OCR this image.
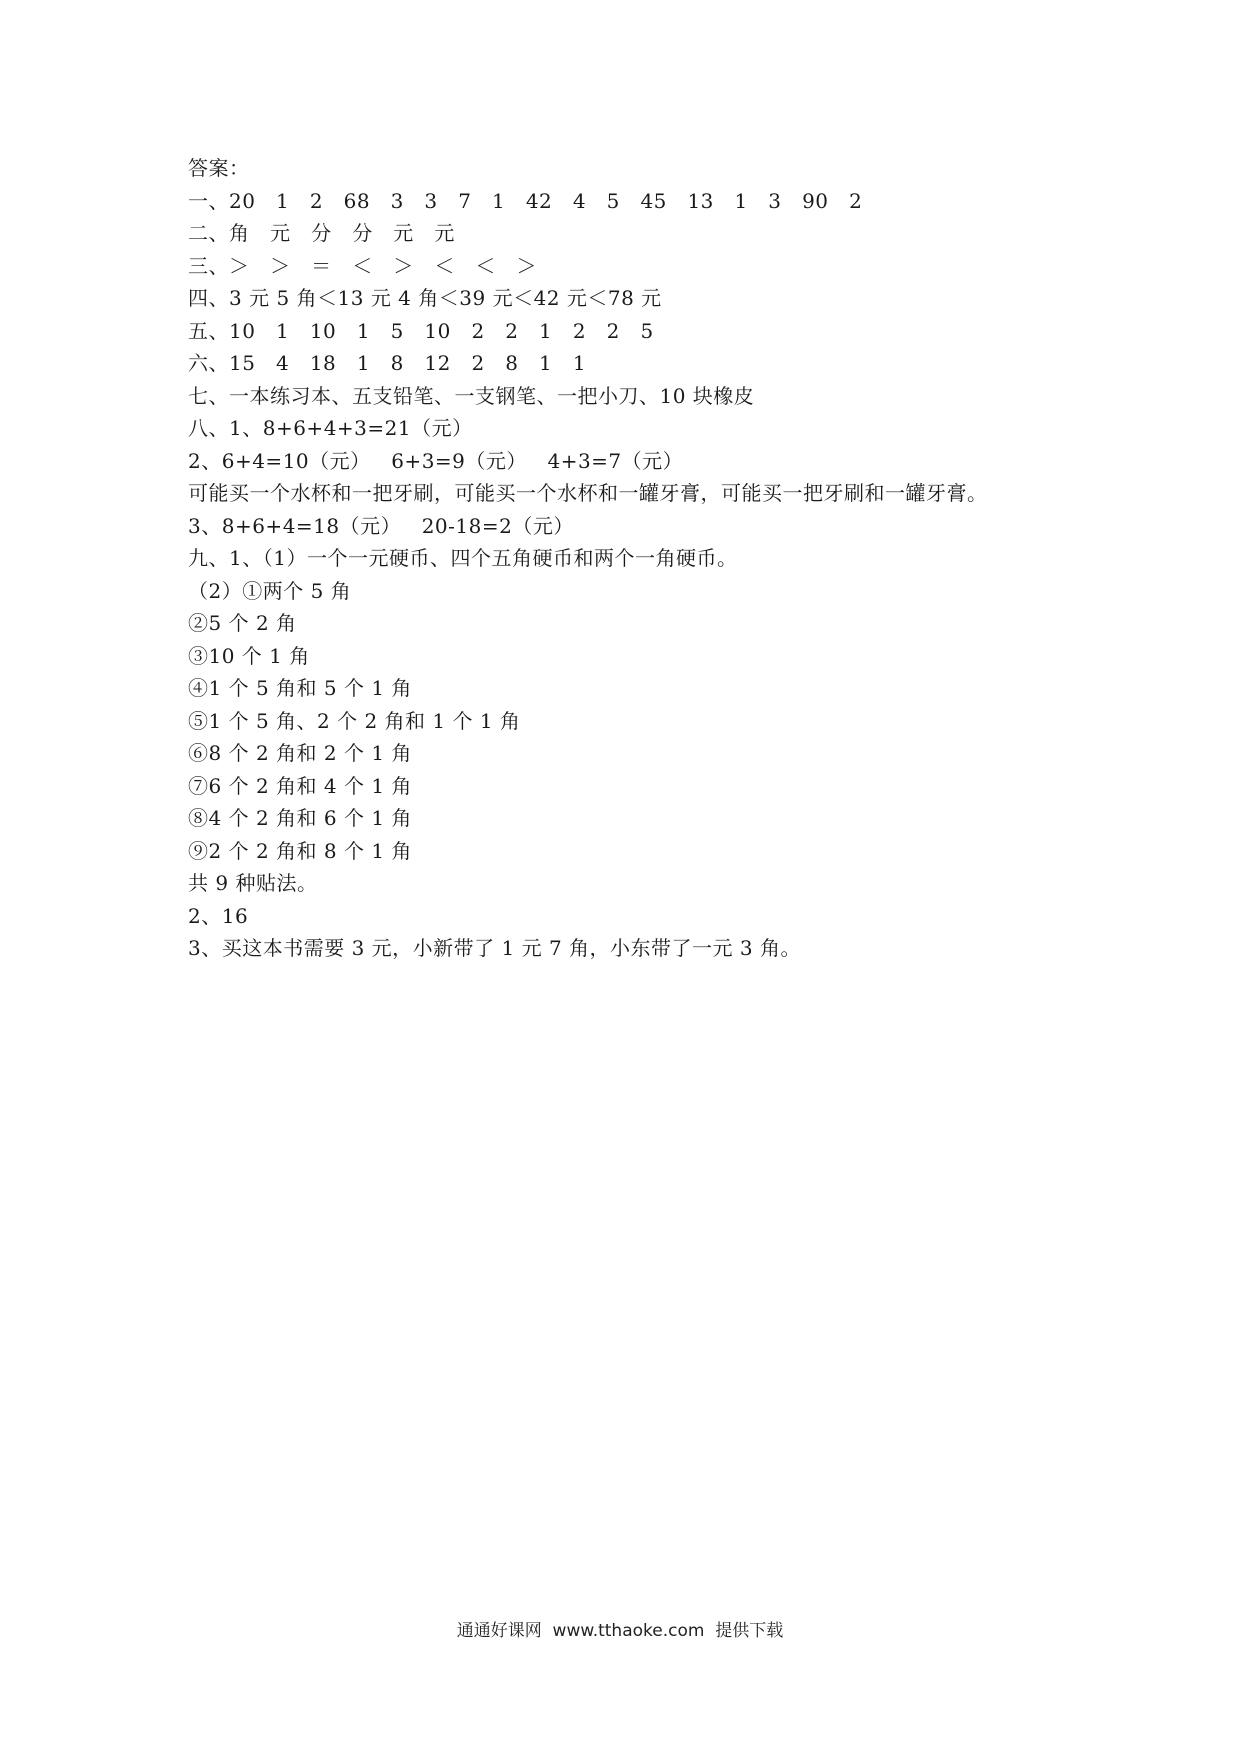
答案：
一、20   1   2   68   3   3   7   1   42   4   5   45   13   1   3   90   2
二、角   元   分   分   元   元
三、＞   ＞   ＝   ＜   ＞   ＜   ＜   ＞
四、3 元 5 角＜13 元 4 角＜39 元＜42 元＜78 元
五、10   1   10   1   5   10   2   2   1   2   2   5
六、15   4   18   1   8   12   2   8   1   1
七、一本练习本、五支铅笔、一支钢笔、一把小刀、10 块橡皮
八、1、8+6+4+3=21（元）
2、6+4=10（元）   6+3=9（元）   4+3=7（元）
可能买一个水杯和一把牙刷，可能买一个水杯和一罐牙膏，可能买一把牙刷和一罐牙膏。
3、8+6+4=18（元）   20-18=2（元）
九、1、（1）一个一元硬币、四个五角硬币和两个一角硬币。
（2）①两个 5 角
②5 个 2 角
③10 个 1 角
④1 个 5 角和 5 个 1 角
⑤1 个 5 角、2 个 2 角和 1 个 1 角
⑥8 个 2 角和 2 个 1 角
⑦6 个 2 角和 4 个 1 角
⑧4 个 2 角和 6 个 1 角
⑨2 个 2 角和 8 个 1 角
共 9 种贴法。
2、16
3、买这本书需要 3 元，小新带了 1 元 7 角，小东带了一元 3 角。
通通好课网  www.tthaoke.com  提供下载
